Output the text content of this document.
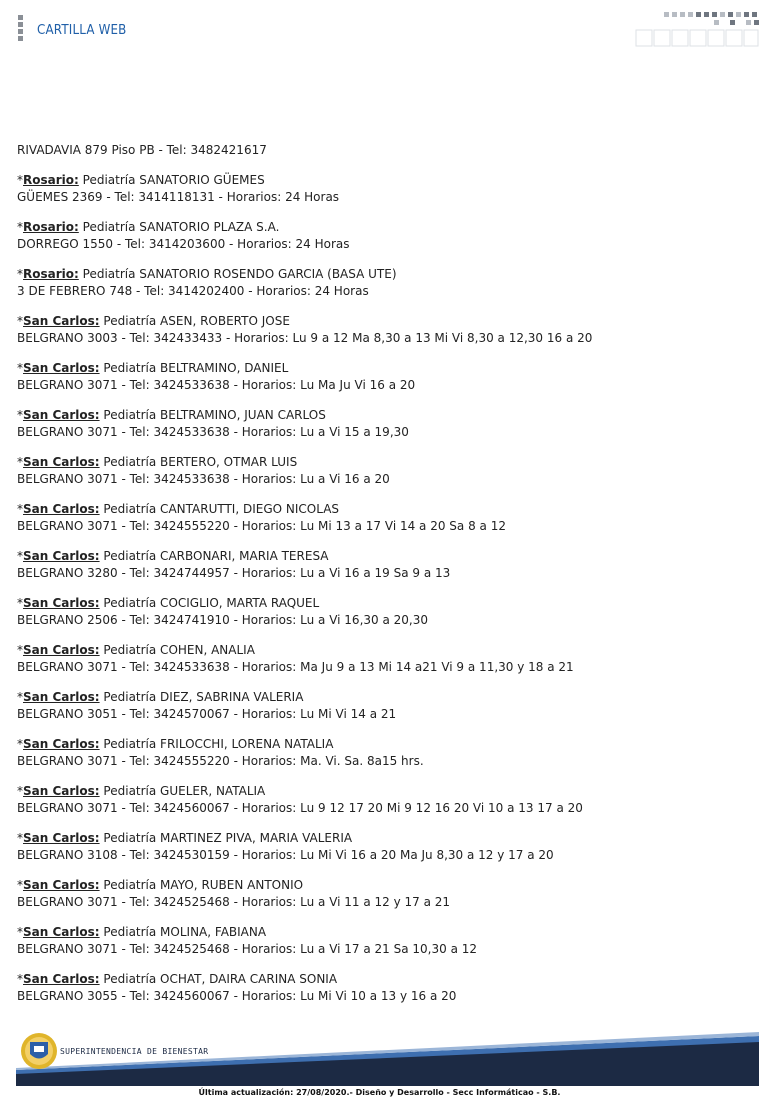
CARTILLA WEB
RIVADAVIA 879 Piso PB - Tel: 3482421617
*Rosario: Pediatría SANATORIO GÜEMES
GÜEMES 2369 - Tel: 3414118131 - Horarios: 24 Horas
*Rosario: Pediatría SANATORIO PLAZA S.A.
DORREGO 1550 - Tel: 3414203600 - Horarios: 24 Horas
*Rosario: Pediatría SANATORIO ROSENDO GARCIA (BASA UTE)
3 DE FEBRERO 748 - Tel: 3414202400 - Horarios: 24 Horas
*San Carlos: Pediatría ASEN, ROBERTO JOSE
BELGRANO 3003 - Tel: 342433433 - Horarios: Lu 9 a 12 Ma 8,30 a 13 Mi Vi 8,30 a 12,30 16 a 20
*San Carlos: Pediatría BELTRAMINO, DANIEL
BELGRANO 3071 - Tel: 3424533638 - Horarios: Lu Ma Ju Vi 16 a 20
*San Carlos: Pediatría BELTRAMINO, JUAN CARLOS
BELGRANO 3071 - Tel: 3424533638 - Horarios: Lu a Vi 15 a 19,30
*San Carlos: Pediatría BERTERO, OTMAR LUIS
BELGRANO 3071 - Tel: 3424533638 - Horarios: Lu a Vi 16 a 20
*San Carlos: Pediatría CANTARUTTI, DIEGO NICOLAS
BELGRANO 3071 - Tel: 3424555220 - Horarios: Lu Mi 13 a 17 Vi 14 a 20 Sa 8 a 12
*San Carlos: Pediatría CARBONARI, MARIA TERESA
BELGRANO 3280 - Tel: 3424744957 - Horarios: Lu a Vi 16 a 19 Sa 9 a 13
*San Carlos: Pediatría COCIGLIO, MARTA RAQUEL
BELGRANO 2506 - Tel: 3424741910 - Horarios: Lu a Vi 16,30 a 20,30
*San Carlos: Pediatría COHEN, ANALIA
BELGRANO 3071 - Tel: 3424533638 - Horarios: Ma Ju 9 a 13 Mi 14 a21 Vi 9 a 11,30 y 18 a 21
*San Carlos: Pediatría DIEZ, SABRINA VALERIA
BELGRANO 3051 - Tel: 3424570067 - Horarios: Lu Mi Vi 14 a 21
*San Carlos: Pediatría FRILOCCHI, LORENA NATALIA
BELGRANO 3071 - Tel: 3424555220 - Horarios: Ma. Vi. Sa. 8a15 hrs.
*San Carlos: Pediatría GUELER, NATALIA
BELGRANO 3071 - Tel: 3424560067 - Horarios: Lu 9 12 17 20 Mi 9 12 16 20 Vi 10 a 13 17 a 20
*San Carlos: Pediatría MARTINEZ PIVA, MARIA VALERIA
BELGRANO 3108 - Tel: 3424530159 - Horarios: Lu Mi Vi 16 a 20 Ma Ju 8,30 a 12 y 17 a 20
*San Carlos: Pediatría MAYO, RUBEN ANTONIO
BELGRANO 3071 - Tel: 3424525468 - Horarios: Lu a Vi 11 a 12 y 17 a 21
*San Carlos: Pediatría MOLINA, FABIANA
BELGRANO 3071 - Tel: 3424525468 - Horarios: Lu a Vi 17 a 21 Sa 10,30 a 12
*San Carlos: Pediatría OCHAT, DAIRA CARINA SONIA
BELGRANO 3055 - Tel: 3424560067 - Horarios: Lu Mi Vi 10 a 13 y 16 a 20
SUPERINTENDENCIA DE BIENESTAR
Última actualización: 27/08/2020.- Diseño y Desarrollo - Secc Informáticao - S.B.
